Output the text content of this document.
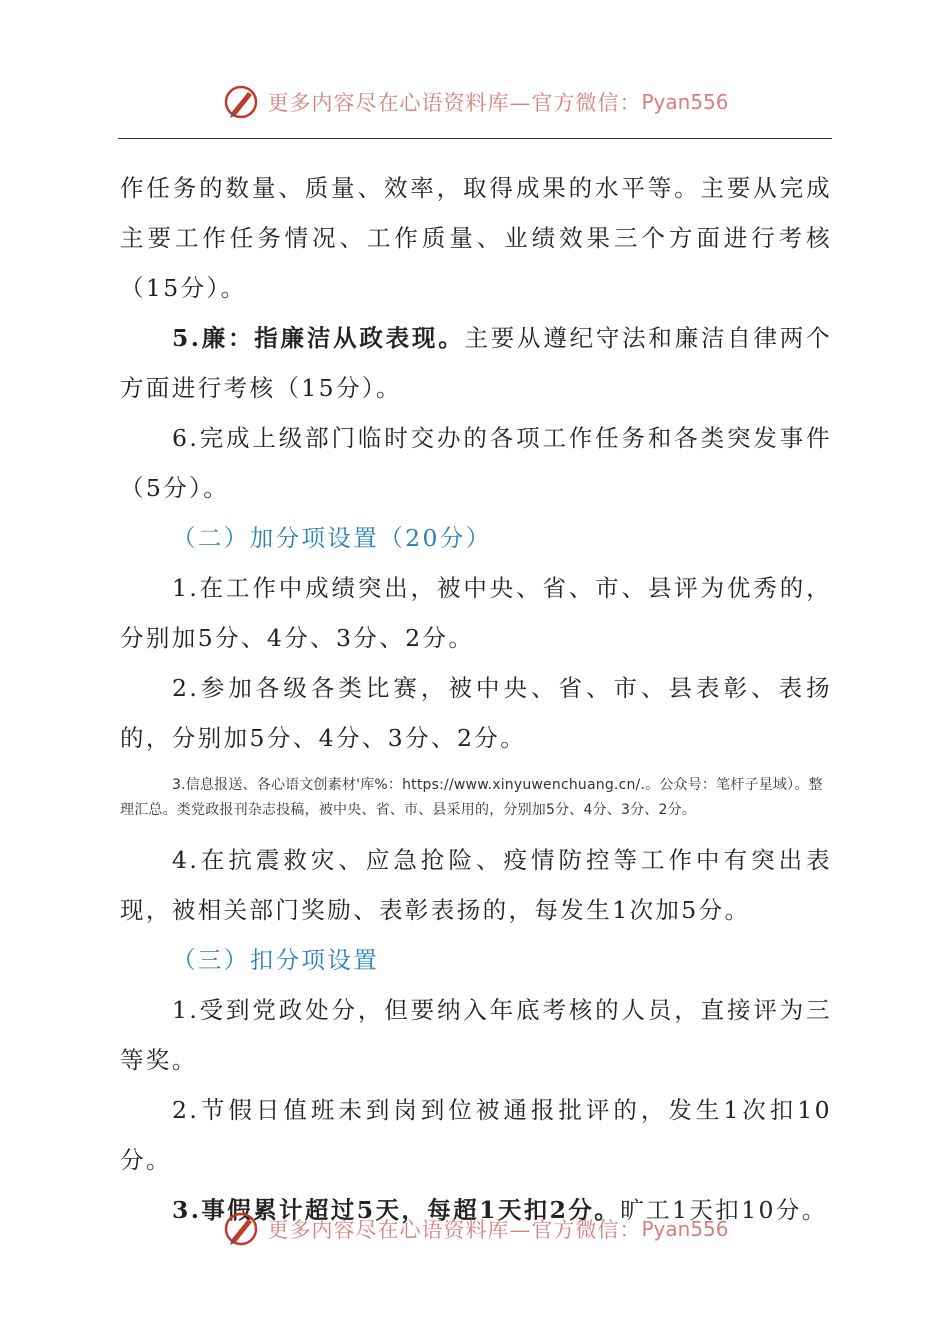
更多内容尽在心语资料库—官方微信： Pyan556

作任务的数量、质量、效率，取得成果的水平等。主要从完成主要工作任务情况、工作质量、业绩效果三个方面进行考核（15分）。

5.廉：指廉洁从政表现。主要从遵纪守法和廉洁自律两个方面进行考核（15分）。

6.完成上级部门临时交办的各项工作任务和各类突发事件（5分）。

（二）加分项设置（20分）

1.在工作中成绩突出，被中央、省、市、县评为优秀的，分别加5分、4分、3分、2分。

2.参加各级各类比赛，被中央、省、市、县表彰、表扬的，分别加5分、4分、3分、2分。

3.信息报送、各心语文创素材'库%：https://www.xinyuwenchuang.cn/.。公众号：笔杆子星域）。整理汇总。类党政报刊杂志投稿，被中央、省、市、县采用的，分别加5分、4分、3分、2分。

4.在抗震救灾、应急抢险、疫情防控等工作中有突出表现，被相关部门奖励、表彰表扬的，每发生1次加5分。

（三）扣分项设置

1.受到党政处分，但要纳入年底考核的人员，直接评为三等奖。

2.节假日值班未到岗到位被通报批评的，发生1次扣10分。

3.事假累计超过5天，每超1天扣2分。旷工1天扣10分。

更多内容尽在心语资料库—官方微信： Pyan556
